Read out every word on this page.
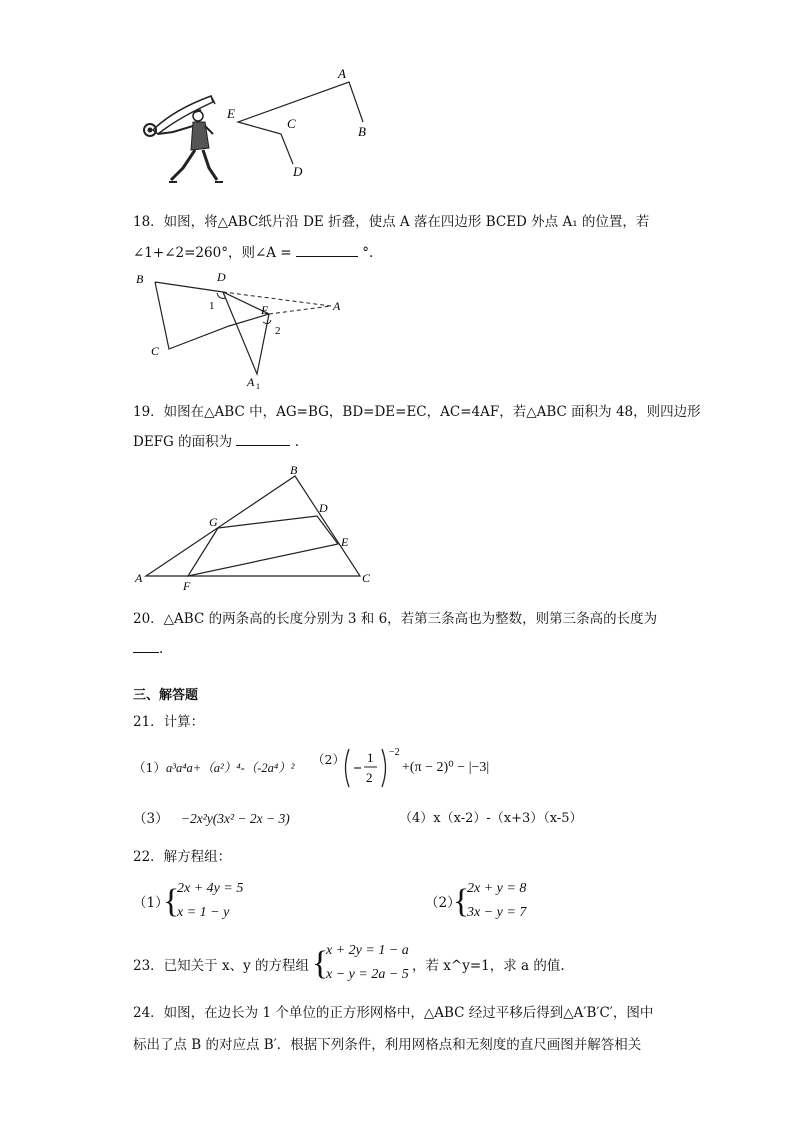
A
B
C
D
E
18．如图，将△ABC纸片沿 DE 折叠，使点 A 落在四边形 BCED 外点 A₁ 的位置，若
∠1+∠2=260°，则∠A =	°.
B	D
A
E
C
1
2
A 1
19．如图在△ABC 中，AG=BG，BD=DE=EC，AC=4AF，若△ABC 面积为 48，则四边形
DEFG 的面积为	.
B
G
D
E
A
F
C
20．△ABC 的两条高的长度分别为 3 和 6，若第三条高也为整数，则第三条高的长度为
.
三、解答题
21．计算：
（1）a³a⁴a+（a²）⁴-（-2a⁴）²
（2） 1
2
−2
+(π − 2)⁰ − |−3|
（3） −2x²y(3x² − 2x − 3)	（4）x（x-2）-（x+3）（x-5）
22．解方程组：
（1）
{
2x + 4y = 5
x = 1 − y
（2）
{
2x + y = 8
3x − y = 7
23．已知关于 x、y 的方程组 {
x + 2y = 1 − a
x − y = 2a − 5
，若 x^y=1，求 a 的值.
24．如图，在边长为 1 个单位的正方形网格中，△ABC 经过平移后得到△A′B′C′，图中
标出了点 B 的对应点 B′．根据下列条件，利用网格点和无刻度的直尺画图并解答相关
